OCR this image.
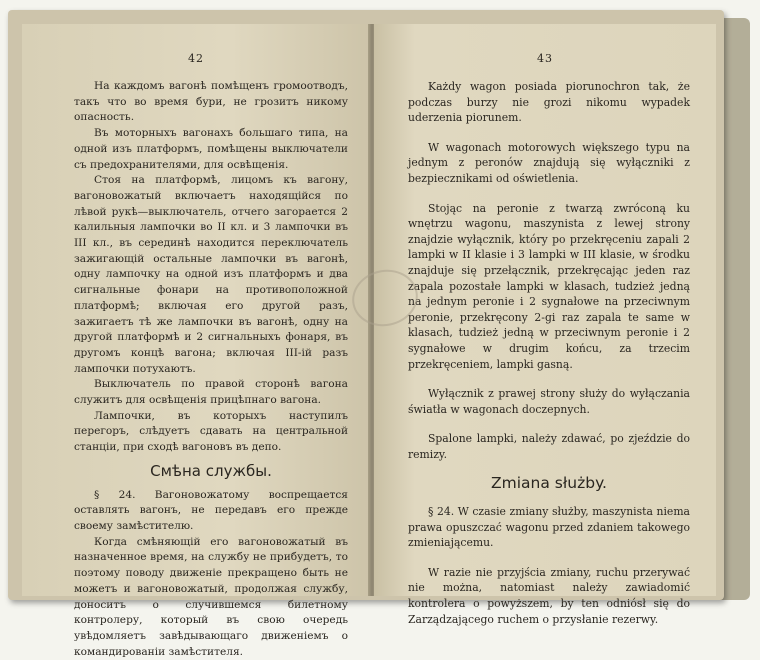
42

На каждомъ вагонѣ помѣщенъ громоотводъ, такъ что во время бури, не грозитъ никому опасность.

Въ моторныхъ вагонахъ большаго типа, на одной изъ платформъ, помѣщены выключатели съ предохранителями, для освѣщенія.

Стоя на платформѣ, лицомъ къ вагону, вагоновожатый включаетъ находящійся по лѣвой рукѣ—выключатель, отчего загорается 2 калильныя лампочки во II кл. и 3 лампочки въ III кл., въ серединѣ находится переключатель зажигающій остальные лампочки въ вагонѣ, одну лампочку на одной изъ платформъ и два сигнальные фонари на противоположной платформѣ; включая его другой разъ, зажигаетъ тѣ же лампочки въ вагонѣ, одну на другой платформѣ и 2 сигнальныхъ фонаря, въ другомъ концѣ вагона; включая III-ій разъ лампочки потухаютъ.

Выключатель по правой сторонѣ вагона служитъ для освѣщенія прицѣпнаго вагона.

Лампочки, въ которыхъ наступилъ перегоръ, слѣдуетъ сдавать на центральной станціи, при сходѣ вагоновъ въ депо.

Смѣна службы.

§ 24. Вагоновожатому воспрещается оставлять вагонъ, не передавъ его прежде своему замѣстителю.

Когда смѣняющій его вагоновожатый въ назначенное время, на службу не прибудетъ, то поэтому поводу движеніе прекращено быть не можетъ и вагоновожатый, продолжая службу, доноситъ о случившемся билетному контролеру, который въ свою очередь увѣдомляетъ завѣдывающаго движеніемъ о командированіи замѣстителя.

43

Każdy wagon posiada piorunochron tak, że podczas burzy nie grozi nikomu wypadek uderzenia piorunem.

W wagonach motorowych większego typu na jednym z peronów znajdują się wyłączniki z bezpiecznikami od oświetlenia.

Stojąc na peronie z twarzą zwróconą ku wnętrzu wagonu, maszynista z lewej strony znajdzie wyłącznik, który po przekręceniu zapali 2 lampki w II klasie i 3 lampki w III klasie, w środku znajduje się przełącznik, przekręcając jeden raz zapala pozostałe lampki w klasach, tudzież jedną na jednym peronie i 2 sygnałowe na przeciwnym peronie, przekręcony 2-gi raz zapala te same w klasach, tudzież jedną w przeciwnym peronie i 2 sygnałowe w drugim końcu, za trzecim przekręceniem, lampki gasną.

Wyłącznik z prawej strony służy do wyłączania światła w wagonach doczepnych.

Spalone lampki, należy zdawać, po zjeździe do remizy.

Zmiana służby.

§ 24. W czasie zmiany służby, maszynista niema prawa opuszczać wagonu przed zdaniem takowego zmieniającemu.

W razie nie przyjścia zmiany, ruchu przerywać nie można, natomiast należy zawiadomić kontrolera o powyższem, by ten odniósł się do Zarządzającego ruchem o przysłanie rezerwy.
